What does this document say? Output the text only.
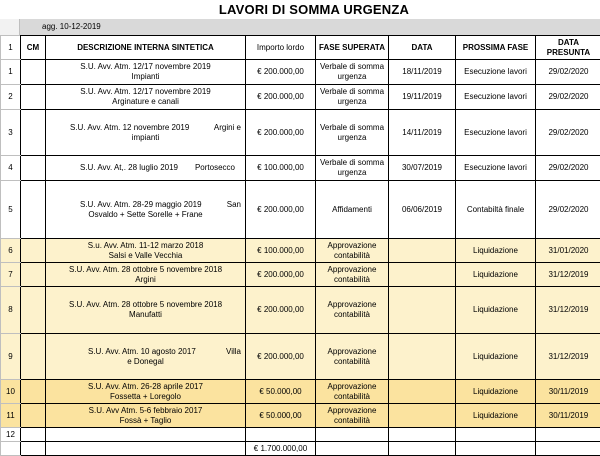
LAVORI DI SOMMA URGENZA
agg. 10-12-2019
1	CM	DESCRIZIONE INTERNA SINTETICA	Importo lordo	FASE SUPERATA	DATA	PROSSIMA FASE	DATA PRESUNTA
1		S.U. Avv. Atm. 12/17 novembre 2019
Impianti	€ 200.000,00	Verbale di somma urgenza	18/11/2019	Esecuzione lavori	29/02/2020
2		S.U. Avv. Atm. 12/17 novembre 2019
Arginature e canali	€ 200.000,00	Verbale di somma urgenza	19/11/2019	Esecuzione lavori	29/02/2020
3		S.U. Avv. Atm. 12 novembre 2019 Argini e
impianti	€ 200.000,00	Verbale di somma urgenza	14/11/2019	Esecuzione lavori	29/02/2020
4		S.U. Avv. At,. 28 luglio 2019 Portosecco	€ 100.000,00	Verbale di somma urgenza	30/07/2019	Esecuzione lavori	29/02/2020
5		S.U. Avv. Atm. 28-29 maggio 2019 San
Osvaldo + Sette Sorelle + Frane	€ 200.000,00	Affidamenti	06/06/2019	Contabiltà finale	29/02/2020
6		S.u. Avv. Atm. 11-12 marzo 2018
Salsi e Valle Vecchia	€ 100.000,00	Approvazione contabilità		Liquidazione	31/01/2020
7		S.U. Avv. Atm. 28 ottobre 5 novembre 2018
Argini	€ 200.000,00	Approvazione contabilità		Liquidazione	31/12/2019
8		S.U. Avv. Atm. 28 ottobre 5 novembre 2018
Manufatti	€ 200.000,00	Approvazione contabilità		Liquidazione	31/12/2019
9		S.U. Avv. Atm. 10 agosto 2017 Villa
e Donegal	€ 200.000,00	Approvazione contabilità		Liquidazione	31/12/2019
10		S.U. Avv. Atm. 26-28 aprile 2017
Fossetta + Loregolo	€ 50.000,00	Approvazione contabilità		Liquidazione	30/11/2019
11		S.U. Avv Atm. 5-6 febbraio 2017
Fossà + Taglio	€ 50.000,00	Approvazione contabilità		Liquidazione	30/11/2019
12							
			€ 1.700.000,00				
